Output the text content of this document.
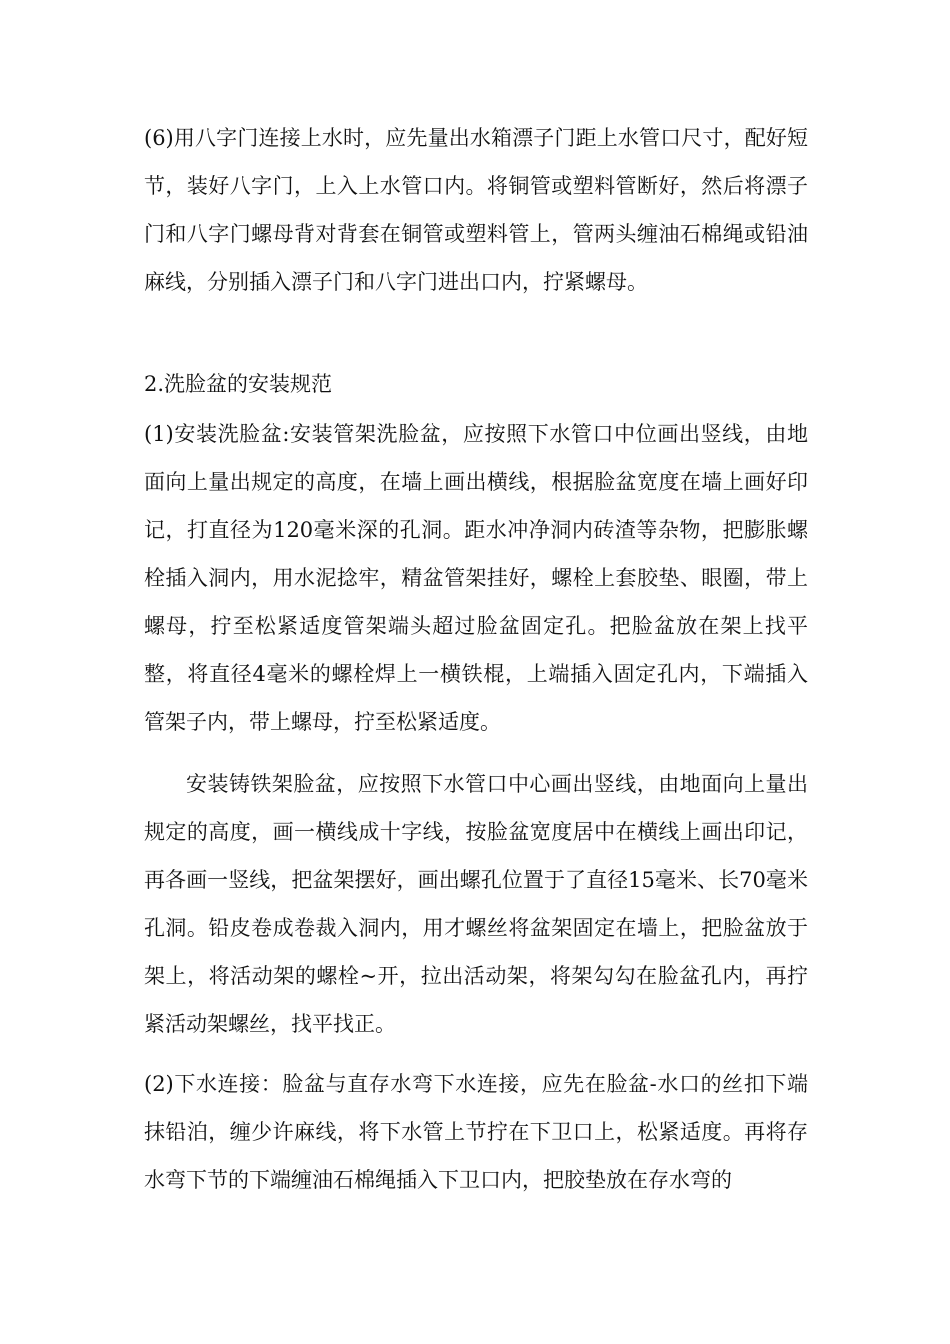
(6)用八字门连接上水时，应先量出水箱漂子门距上水管口尺寸，配好短节，装好八字门，上入上水管口内。将铜管或塑料管断好，然后将漂子门和八字门螺母背对背套在铜管或塑料管上，管两头缠油石棉绳或铅油麻线，分别插入漂子门和八字门进出口内，拧紧螺母。

2.洗脸盆的安装规范

(1)安装洗脸盆:安装管架洗脸盆，应按照下水管口中位画出竖线，由地面向上量出规定的高度，在墙上画出横线，根据脸盆宽度在墙上画好印记，打直径为120毫米深的孔洞。距水冲净洞内砖渣等杂物，把膨胀螺栓插入洞内，用水泥捻牢，精盆管架挂好，螺栓上套胶垫、眼圈，带上螺母，拧至松紧适度管架端头超过脸盆固定孔。把脸盆放在架上找平整，将直径4毫米的螺栓焊上一横铁棍，上端插入固定孔内，下端插入管架子内，带上螺母，拧至松紧适度。

安装铸铁架脸盆，应按照下水管口中心画出竖线，由地面向上量出规定的高度，画一横线成十字线，按脸盆宽度居中在横线上画出印记，再各画一竖线，把盆架摆好，画出螺孔位置于了直径15毫米、长70毫米孔洞。铅皮卷成卷裁入洞内，用才螺丝将盆架固定在墙上，把脸盆放于架上，将活动架的螺栓~开，拉出活动架，将架勾勾在脸盆孔内，再拧紧活动架螺丝，找平找正。

(2)下水连接：脸盆与直存水弯下水连接，应先在脸盆-水口的丝扣下端抹铅泊，缠少许麻线，将下水管上节拧在下卫口上，松紧适度。再将存水弯下节的下端缠油石棉绳插入下卫口内，把胶垫放在存水弯的
